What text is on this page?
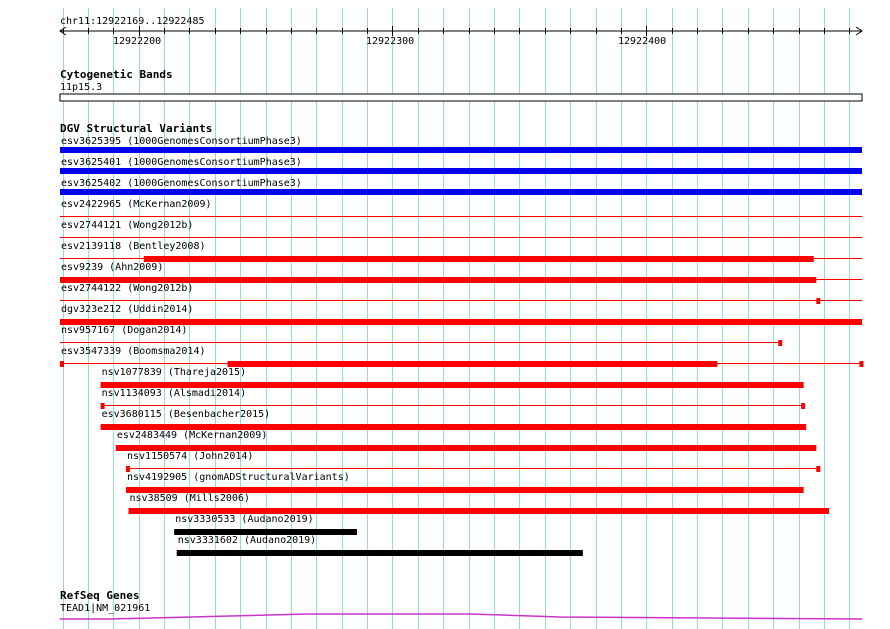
chr11:12922169..12922485
12922200	12922300	12922400
Cytogenetic Bands
11p15.3
DGV Structural Variants
esv3625395 (1000GenomesConsortiumPhase3)
esv3625401 (1000GenomesConsortiumPhase3)
esv3625402 (1000GenomesConsortiumPhase3)
esv2422965 (McKernan2009)
esv2744121 (Wong2012b)
esv2139118 (Bentley2008)
esv9239 (Ahn2009)
esv2744122 (Wong2012b)
dgv323e212 (Uddin2014)
nsv957167 (Dogan2014)
esv3547339 (Boomsma2014)
nsv1077839 (Thareja2015)
nsv1134093 (Alsmadi2014)
esv3680115 (Besenbacher2015)
esv2483449 (McKernan2009)
nsv1150574 (John2014)
nsv4192905 (gnomADStructuralVariants)
nsv38509 (Mills2006)
nsv3330533 (Audano2019)
nsv3331602 (Audano2019)
RefSeq Genes
TEAD1|NM_021961
